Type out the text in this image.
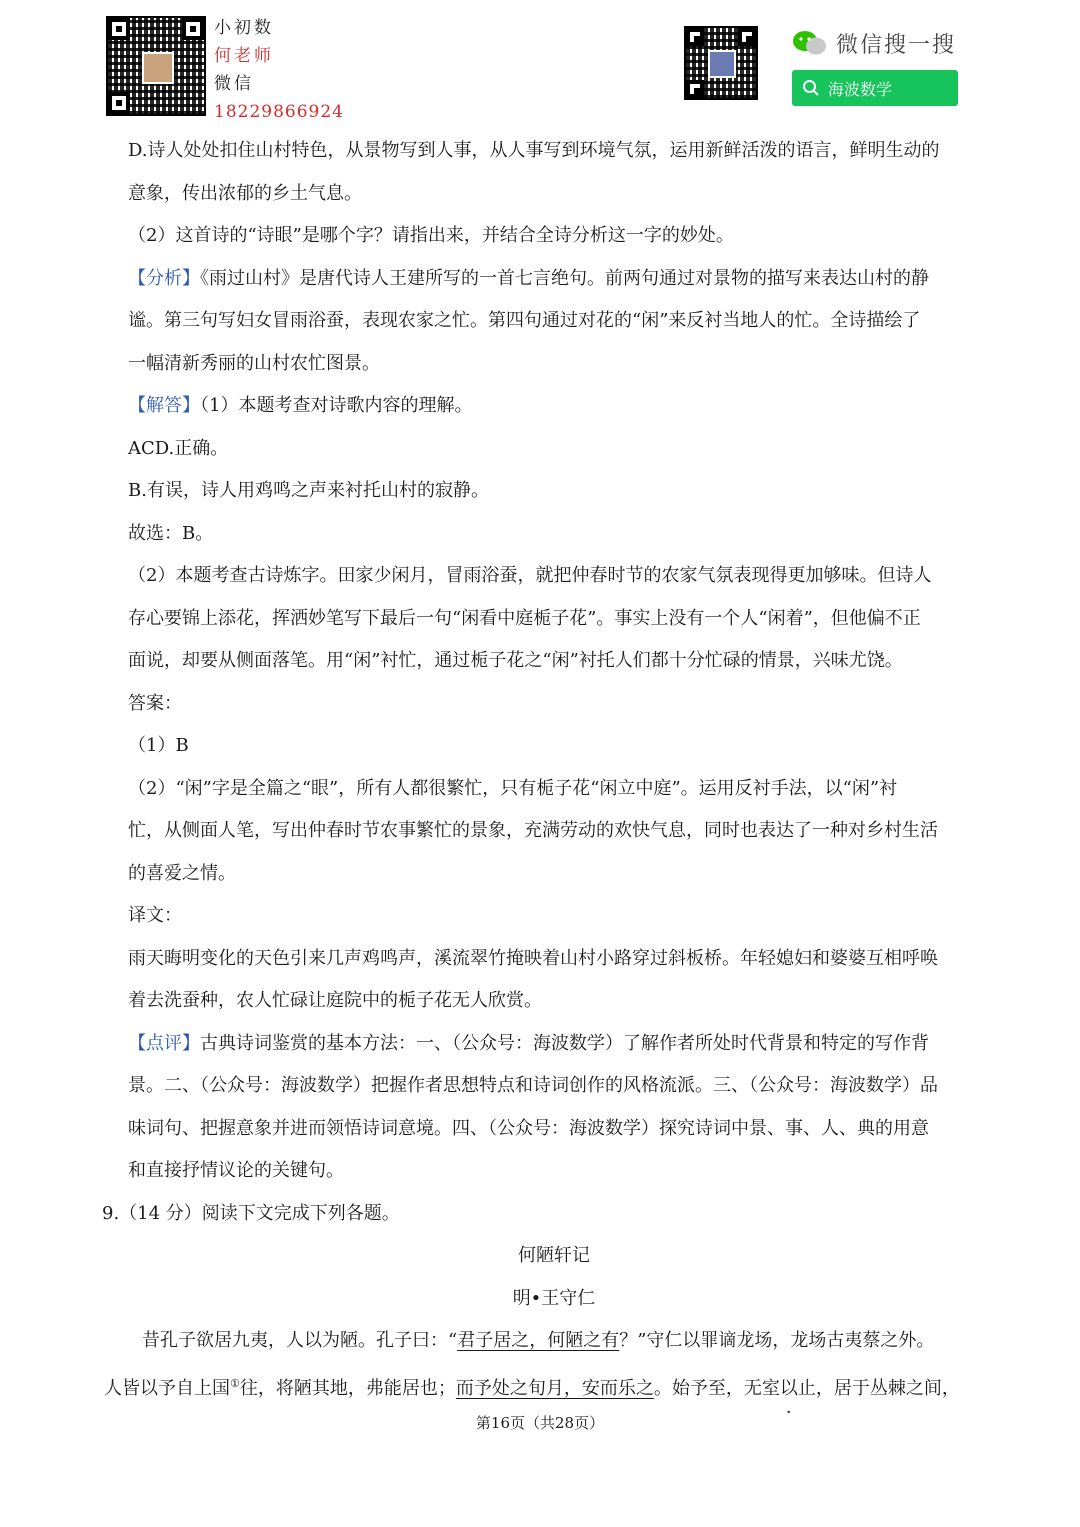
小初数
何老师
微信
18229866924
微信搜一搜
海波数学

D.诗人处处扣住山村特色，从景物写到人事，从人事写到环境气氛，运用新鲜活泼的语言，鲜明生动的

意象，传出浓郁的乡土气息。

（2）这首诗的“诗眼”是哪个字？请指出来，并结合全诗分析这一字的妙处。

【分析】《雨过山村》是唐代诗人王建所写的一首七言绝句。前两句通过对景物的描写来表达山村的静

谧。第三句写妇女冒雨浴蚕，表现农家之忙。第四句通过对花的“闲”来反衬当地人的忙。全诗描绘了

一幅清新秀丽的山村农忙图景。

【解答】（1）本题考查对诗歌内容的理解。

ACD.正确。

B.有误，诗人用鸡鸣之声来衬托山村的寂静。

故选：B。

（2）本题考查古诗炼字。田家少闲月，冒雨浴蚕，就把仲春时节的农家气氛表现得更加够味。但诗人

存心要锦上添花，挥洒妙笔写下最后一句“闲看中庭栀子花”。事实上没有一个人“闲着”，但他偏不正

面说，却要从侧面落笔。用“闲”衬忙，通过栀子花之“闲”衬托人们都十分忙碌的情景，兴味尤饶。

答案：

（1）B

（2）“闲”字是全篇之“眼”，所有人都很繁忙，只有栀子花“闲立中庭”。运用反衬手法，以“闲”衬

忙，从侧面人笔，写出仲春时节农事繁忙的景象，充满劳动的欢快气息，同时也表达了一种对乡村生活

的喜爱之情。

译文：

雨天晦明变化的天色引来几声鸡鸣声，溪流翠竹掩映着山村小路穿过斜板桥。年轻媳妇和婆婆互相呼唤

着去洗蚕种，农人忙碌让庭院中的栀子花无人欣赏。

【点评】古典诗词鉴赏的基本方法：一、（公众号：海波数学）了解作者所处时代背景和特定的写作背

景。二、（公众号：海波数学）把握作者思想特点和诗词创作的风格流派。三、（公众号：海波数学）品

味词句、把握意象并进而领悟诗词意境。四、（公众号：海波数学）探究诗词中景、事、人、典的用意

和直接抒情议论的关键句。

9.（14 分）阅读下文完成下列各题。

何陋轩记

明•王守仁

昔孔子欲居九夷，人以为陋。孔子曰：“君子居之，何陋之有？”守仁以罪谪龙场，龙场古夷蔡之外。

人皆以予自上国①往，将陋其地，弗能居也；而予处之旬月，安而乐之。始予至，无室以止，居于丛棘之间，

第16页（共28页）
